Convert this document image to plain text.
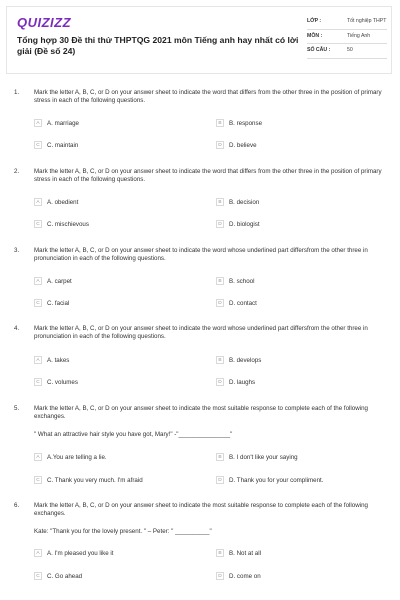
QUIZIZZ
Tổng hợp 30 Đề thi thử THPTQG 2021 môn Tiếng anh hay nhất có lời giải (Đề số 24)
LỚP :	Tốt nghiệp THPT
MÔN :	Tiếng Anh
SỐ CÂU :	50
1. Mark the letter A, B, C, or D on your answer sheet to indicate the word that differs from the other three in the position of primary stress in each of the following questions.
A	A. marriage	B	B. response
C	C. maintain	D	D. believe
2. Mark the letter A, B, C, or D on your answer sheet to indicate the word that differs from the other three in the position of primary stress in each of the following questions.
A	A. obedient	B	B. decision
C	C. mischievous	D	D. biologist
3. Mark the letter A, B, C, or D on your answer sheet to indicate the word whose underlined part differsfrom the other three in pronunciation in each of the following questions.
A	A. carpet	B	B. school
C	C. facial	D	D. contact
4. Mark the letter A, B, C, or D on your answer sheet to indicate the word whose underlined part differsfrom the other three in pronunciation in each of the following questions.
A	A. takes	B	B. develops
C	C. volumes	D	D. laughs
5. Mark the letter A, B, C, or D on your answer sheet to indicate the most suitable response to complete each of the following exchanges.
" What an attractive hair style you have got, Mary!" -"_______________"
A	A.You are telling a lie.	B	B. I don't like your saying
C	C. Thank you very much. I'm afraid	D	D. Thank you for your compliment.
6. Mark the letter A, B, C, or D on your answer sheet to indicate the most suitable response to complete each of the following exchanges.
Kate: "Thank you for the lovely present. " – Peter: " __________"
A	A. I'm pleased you like it	B	B. Not at all
C	C. Go ahead	D	D. come on
